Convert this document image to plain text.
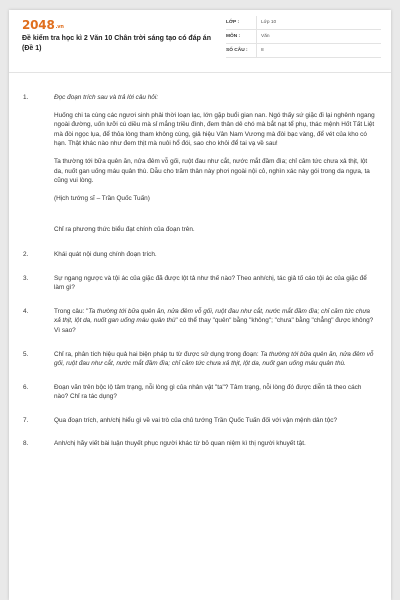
2048.vn
Đề kiểm tra học kì 2 Văn 10 Chân trời sáng tạo có đáp án (Đề 1)
LỚP :	Lớp 10
MÔN :	Văn
SỐ CÂU :	8
1.	Đọc đoạn trích sau và trả lời câu hỏi:

Huống chi ta cùng các ngươi sinh phải thời loạn lạc, lớn gặp buổi gian nan. Ngó thấy sứ giặc đi lại nghênh ngang ngoài đường, uốn lưỡi cú diều mà sỉ mắng triều đình, đem thân dê chó mà bắt nạt tể phụ, thác mệnh Hốt Tất Liệt mà đòi ngọc lụa, để thỏa lòng tham không cùng, giả hiệu Vân Nam Vương mà đòi bạc vàng, để vét của kho có hạn. Thật khác nào như đem thịt mà nuôi hổ đói, sao cho khỏi để tai vạ về sau!

Ta thường tới bữa quên ăn, nửa đêm vỗ gối, ruột đau như cắt, nước mắt đầm đìa; chỉ căm tức chưa xả thịt, lột da, nuốt gan uống máu quân thù. Dẫu cho trăm thân này phơi ngoài nội cỏ, nghìn xác này gói trong da ngựa, ta cũng vui lòng.

(Hịch tướng sĩ – Trần Quốc Tuấn)

Chỉ ra phương thức biểu đạt chính của đoạn trên.

2.	Khái quát nội dung chính đoạn trích.
3.	Sự ngang ngược và tội ác của giặc đã được lột tả như thế nào? Theo anh/chị, tác giả tố cáo tội ác của giặc để làm gì?
4.	Trong câu: "Ta thường tới bữa quên ăn, nửa đêm vỗ gối, ruột đau như cắt, nước mắt đầm đìa; chỉ căm tức chưa xả thịt, lột da, nuốt gan uống máu quân thù" có thể thay "quên" bằng "không"; "chưa" bằng "chẳng" được không? Vì sao?
5.	Chỉ ra, phân tích hiệu quả hai biện pháp tu từ được sử dụng trong đoạn: Ta thường tới bữa quên ăn, nửa đêm vỗ gối, ruột đau như cắt, nước mắt đầm đìa; chỉ căm tức chưa xả thịt, lột da, nuốt gan uống máu quân thù.
6.	Đoạn văn trên bộc lộ tâm trạng, nỗi lòng gì của nhân vật "ta"? Tâm trạng, nỗi lòng đó được diễn tả theo cách nào? Chỉ ra tác dụng?
7.	Qua đoạn trích, anh/chị hiểu gì về vai trò của chủ tướng Trần Quốc Tuấn đối với vận mệnh dân tộc?
8.	Anh/chị hãy viết bài luận thuyết phục người khác từ bỏ quan niệm kì thị người khuyết tật.
